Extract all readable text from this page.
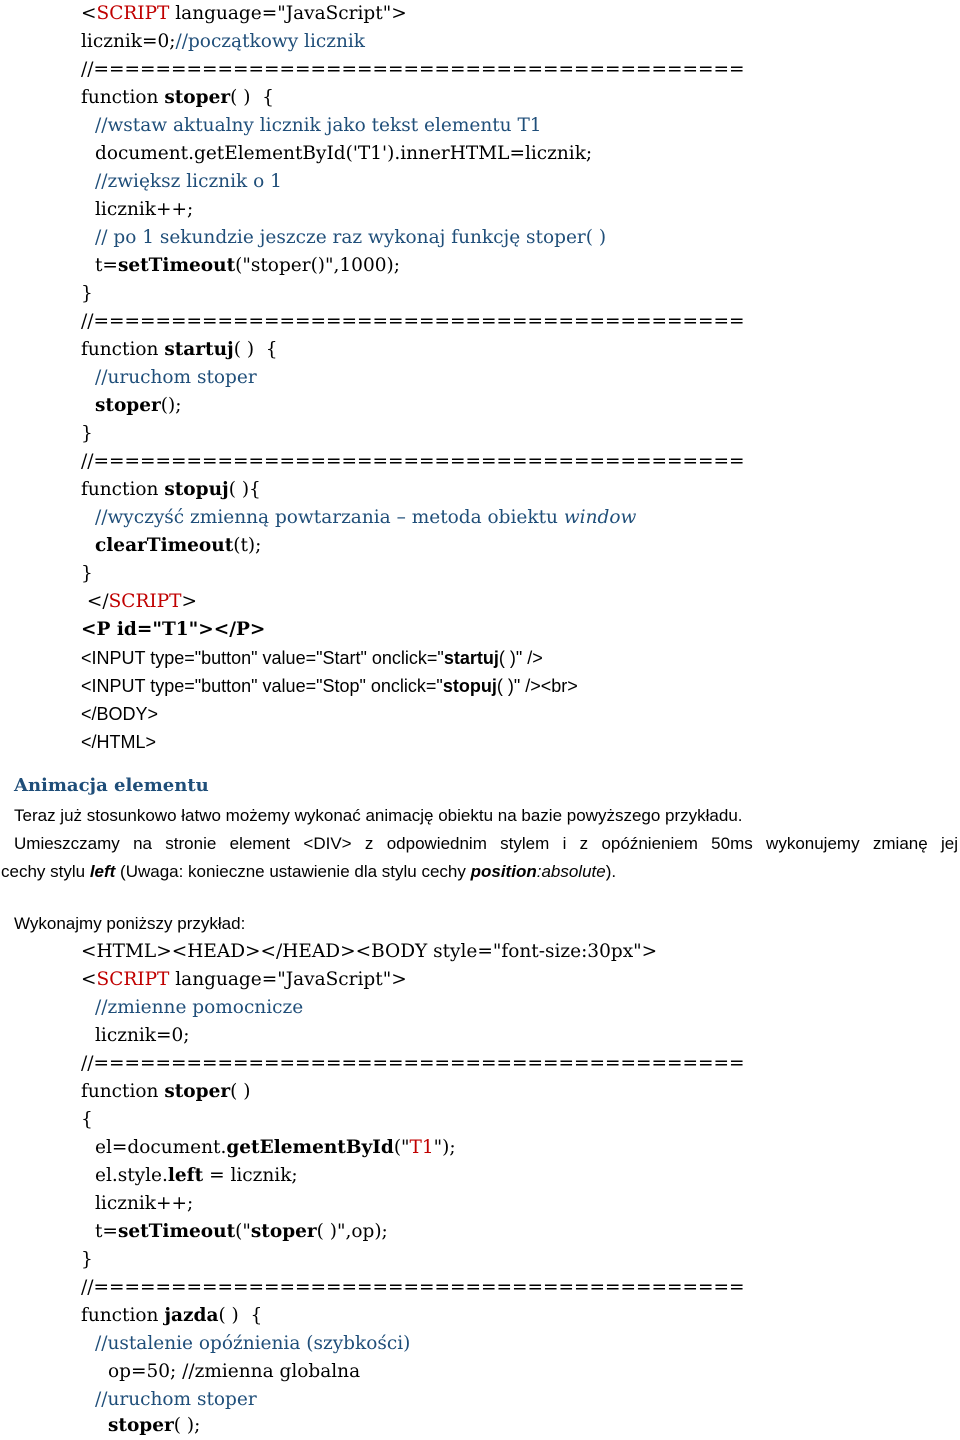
<SCRIPT language="JavaScript">
licznik=0;//początkowy licznik
//==========================================
function stoper( )  {
//wstaw aktualny licznik jako tekst elementu T1
document.getElementById('T1').innerHTML=licznik;
//zwiększ licznik o 1
licznik++;
// po 1 sekundzie jeszcze raz wykonaj funkcję stoper( )
t=setTimeout("stoper()",1000);
}
//==========================================
function startuj( )  {
//uruchom stoper
stoper();
}
//==========================================
function stopuj( ){
//wyczyść zmienną powtarzania – metoda obiektu window
clearTimeout(t);
}
</SCRIPT>
<P id="T1"></P>
<INPUT type="button" value="Start" onclick="startuj( )" />
<INPUT type="button" value="Stop" onclick="stopuj( )" /><br>
</BODY>
</HTML>
Animacja elementu
Teraz już stosunkowo łatwo możemy wykonać animację obiektu na bazie powyższego przykładu.
Umieszczamy na stronie element <DIV> z odpowiednim stylem i z opóźnieniem 50ms wykonujemy zmianę jej
cechy stylu left (Uwaga: konieczne ustawienie dla stylu cechy position:absolute).
Wykonajmy poniższy przykład:
<HTML><HEAD></HEAD><BODY style="font-size:30px">
<SCRIPT language="JavaScript">
//zmienne pomocnicze
licznik=0;
//==========================================
function stoper( )
{
el=document.getElementById("T1");
el.style.left = licznik;
licznik++;
t=setTimeout("stoper( )",op);
}
//==========================================
function jazda( )  {
//ustalenie opóźnienia (szybkości)
op=50; //zmienna globalna
//uruchom stoper
stoper( );
